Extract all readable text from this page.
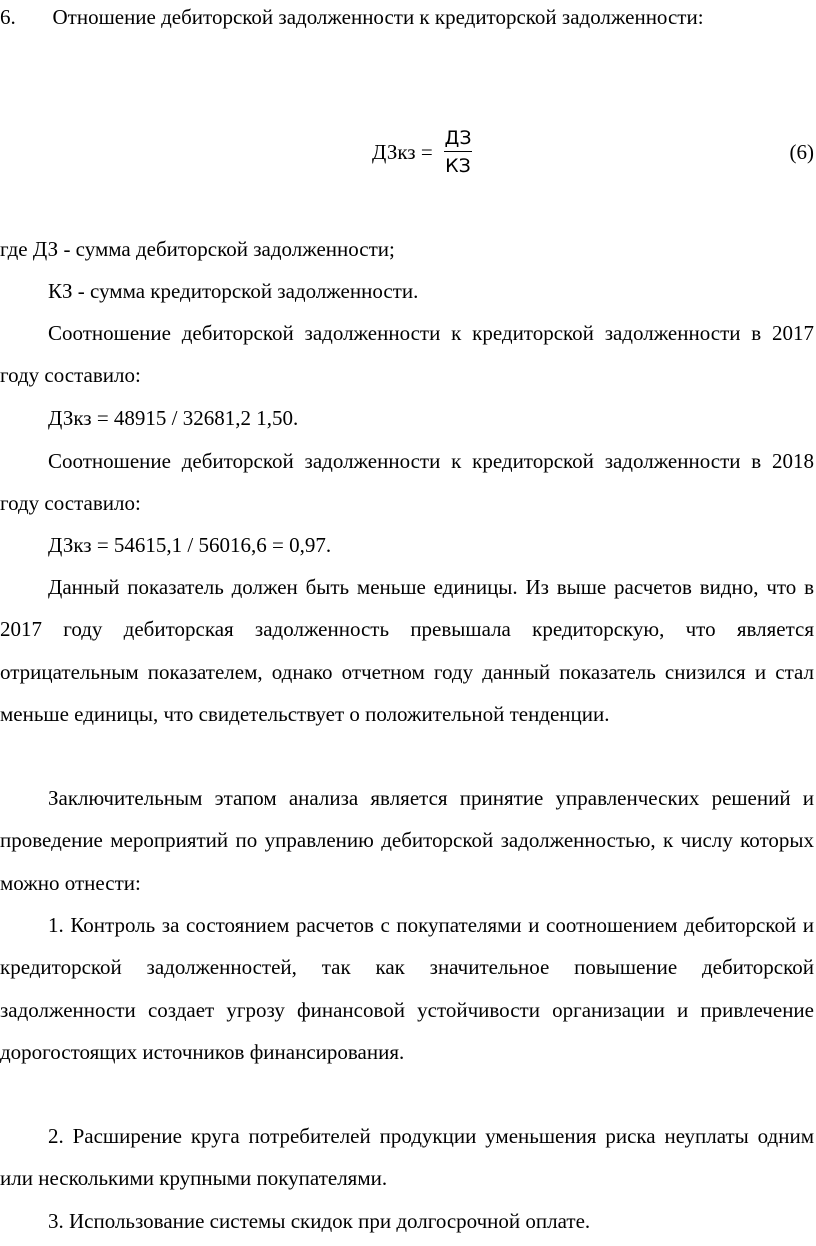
6.       Отношение дебиторской задолженности к кредиторской задолженности:

ДЗкз =
ДЗ
КЗ
(6)

где ДЗ - сумма дебиторской задолженности;

КЗ - сумма кредиторской задолженности.

Соотношение дебиторской задолженности к кредиторской задолженности в 2017 году составило:

ДЗкз = 48915 / 32681,2 1,50.

Соотношение дебиторской задолженности к кредиторской задолженности в 2018 году составило:

ДЗкз = 54615,1 / 56016,6 = 0,97.

Данный показатель должен быть меньше единицы. Из выше расчетов видно, что в 2017 году дебиторская задолженность превышала кредиторскую, что является отрицательным показателем, однако отчетном году данный показатель снизился и стал меньше единицы, что свидетельствует о положительной тенденции.

Заключительным этапом анализа является принятие управленческих решений и проведение мероприятий по управлению дебиторской задолженностью, к числу которых можно отнести:

1. Контроль за состоянием расчетов с покупателями и соотношением дебиторской и кредиторской задолженностей, так как значительное повышение дебиторской задолженности создает угрозу финансовой устойчивости организации и привлечение дорогостоящих источников финансирования.

2. Расширение круга потребителей продукции уменьшения риска неуплаты одним или несколькими крупными покупателями.

3. Использование системы скидок при долгосрочной оплате.
